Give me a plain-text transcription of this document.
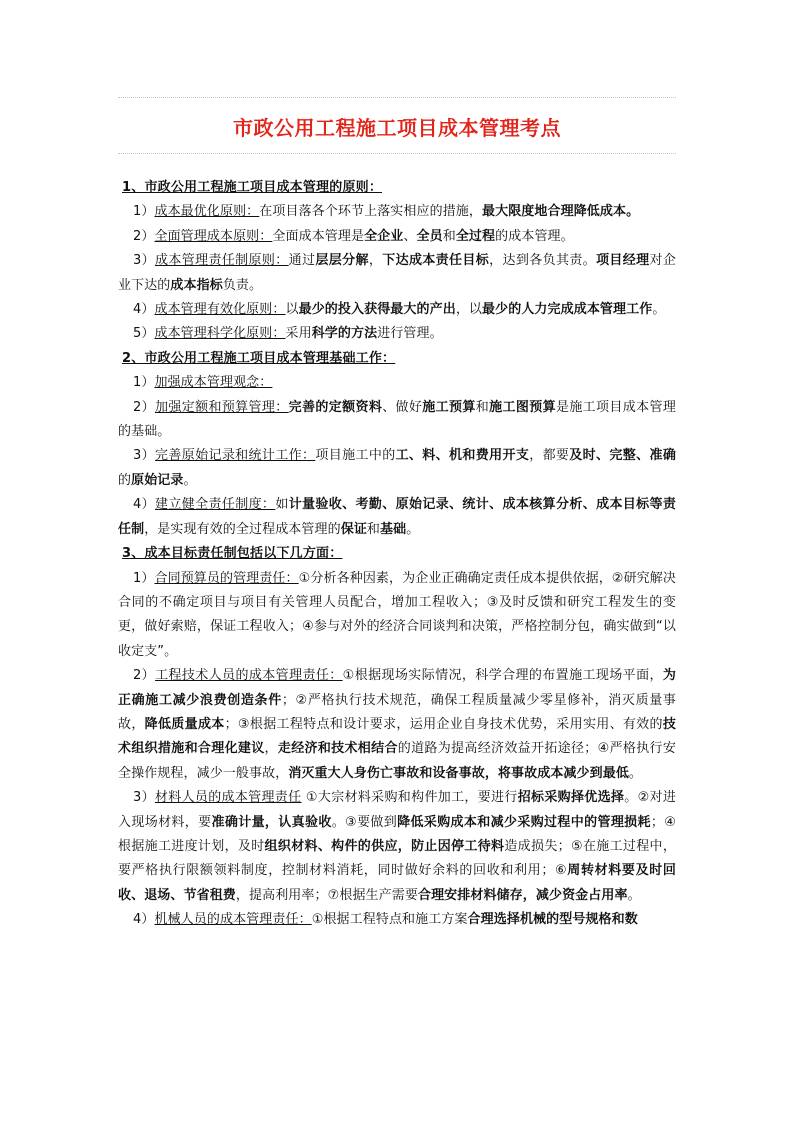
市政公用工程施工项目成本管理考点

1、市政公用工程施工项目成本管理的原则：

1）成本最优化原则：在项目落各个环节上落实相应的措施，最大限度地合理降低成本。

2）全面管理成本原则：全面成本管理是全企业、全员和全过程的成本管理。

3）成本管理责任制原则：通过层层分解，下达成本责任目标，达到各负其责。项目经理对企业下达的成本指标负责。

4）成本管理有效化原则：以最少的投入获得最大的产出，以最少的人力完成成本管理工作。

5）成本管理科学化原则：采用科学的方法进行管理。

2、市政公用工程施工项目成本管理基础工作：

1）加强成本管理观念：

2）加强定额和预算管理：完善的定额资料、做好施工预算和施工图预算是施工项目成本管理的基础。

3）完善原始记录和统计工作：项目施工中的工、料、机和费用开支，都要及时、完整、准确的原始记录。

4）建立健全责任制度：如计量验收、考勤、原始记录、统计、成本核算分析、成本目标等责任制，是实现有效的全过程成本管理的保证和基础。

3、成本目标责任制包括以下几方面：

1）合同预算员的管理责任：①分析各种因素，为企业正确确定责任成本提供依据，②研究解决合同的不确定项目与项目有关管理人员配合，增加工程收入；③及时反馈和研究工程发生的变更，做好索赔，保证工程收入；④参与对外的经济合同谈判和决策，严格控制分包，确实做到“以收定支”。

2）工程技术人员的成本管理责任：①根据现场实际情况，科学合理的布置施工现场平面，为正确施工减少浪费创造条件；②严格执行技术规范，确保工程质量减少零星修补，消灭质量事故，降低质量成本；③根据工程特点和设计要求，运用企业自身技术优势，采用实用、有效的技术组织措施和合理化建议，走经济和技术相结合的道路为提高经济效益开拓途径；④严格执行安全操作规程，减少一般事故，消灭重大人身伤亡事故和设备事故，将事故成本减少到最低。

3）材料人员的成本管理责任 ①大宗材料采购和构件加工，要进行招标采购择优选择。②对进入现场材料，要准确计量，认真验收。③要做到降低采购成本和减少采购过程中的管理损耗；④根据施工进度计划，及时组织材料、构件的供应，防止因停工待料造成损失；⑤在施工过程中，要严格执行限额领料制度，控制材料消耗，同时做好余料的回收和利用；⑥周转材料要及时回收、退场、节省租费，提高利用率；⑦根据生产需要合理安排材料储存，减少资金占用率。

4）机械人员的成本管理责任：①根据工程特点和施工方案合理选择机械的型号规格和数
